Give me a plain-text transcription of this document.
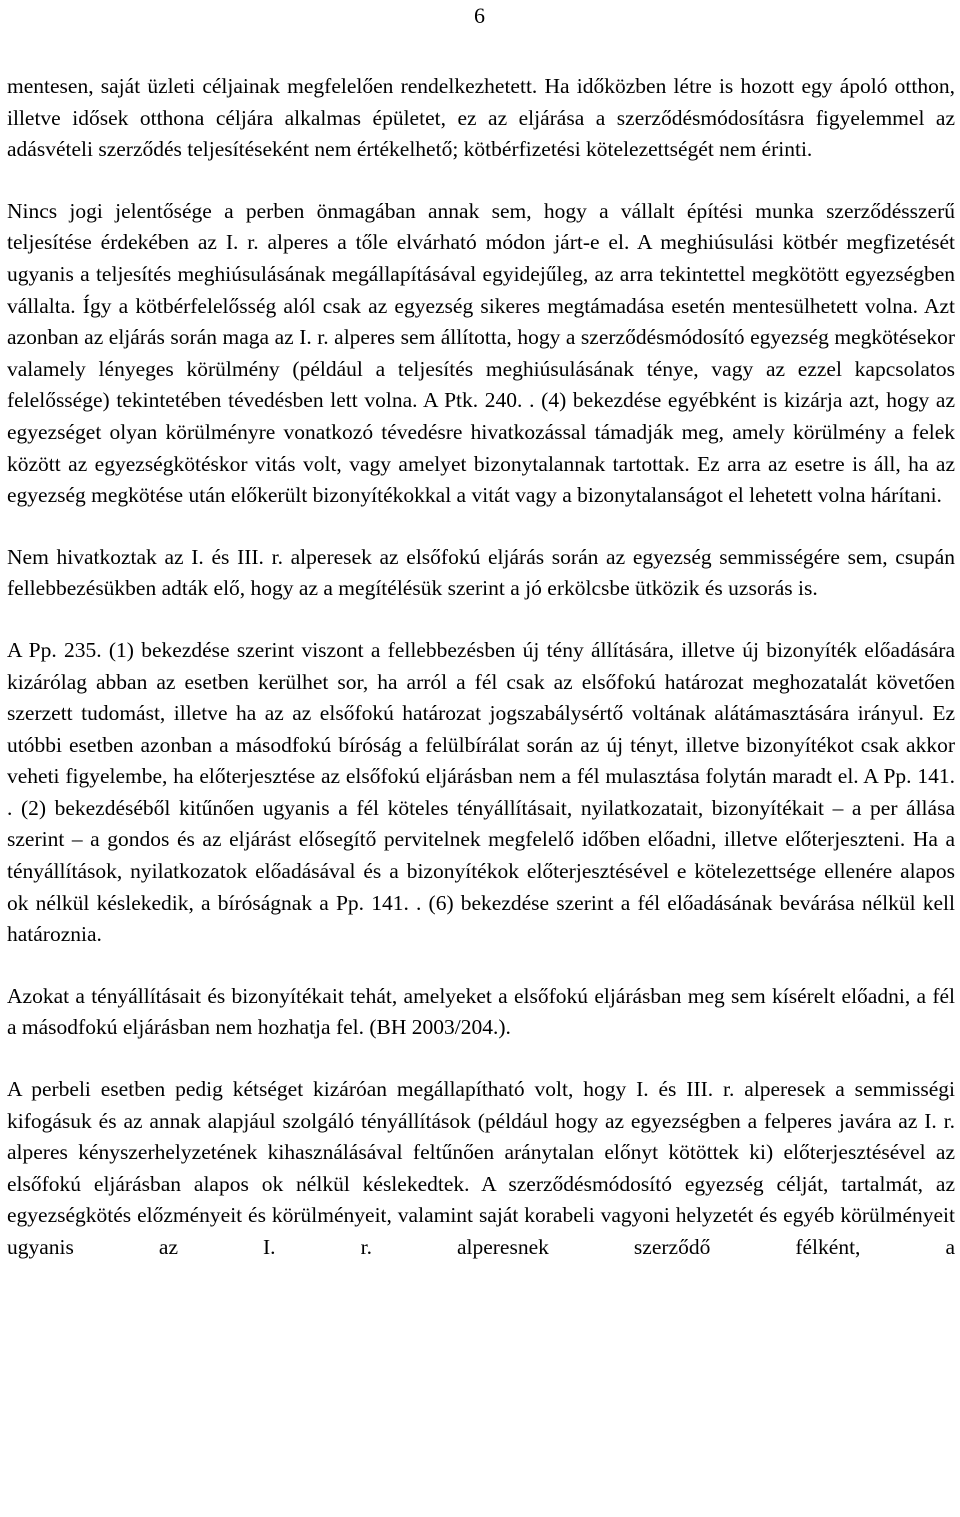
6

mentesen, saját üzleti céljainak megfelelően rendelkezhetett. Ha időközben létre is hozott egy ápoló otthon, illetve idősek otthona céljára alkalmas épületet, ez az eljárása a szerződésmódosításra figyelemmel az adásvételi szerződés teljesítéseként nem értékelhető; kötbérfizetési kötelezettségét nem érinti.

Nincs jogi jelentősége a perben önmagában annak sem, hogy a vállalt építési munka szerződésszerű teljesítése érdekében az I. r. alperes a tőle elvárható módon járt-e el. A meghiúsulási kötbér megfizetését ugyanis a teljesítés meghiúsulásának megállapításával egyidejűleg, az arra tekintettel megkötött egyezségben vállalta. Így a kötbérfelelősség alól csak az egyezség sikeres megtámadása esetén mentesülhetett volna. Azt azonban az eljárás során maga az I. r. alperes sem állította, hogy a szerződésmódosító egyezség megkötésekor valamely lényeges körülmény (például a teljesítés meghiúsulásának ténye, vagy az ezzel kapcsolatos felelőssége) tekintetében tévedésben lett volna. A Ptk. 240. . (4) bekezdése egyébként is kizárja azt, hogy az egyezséget olyan körülményre vonatkozó tévedésre hivatkozással támadják meg, amely körülmény a felek között az egyezségkötéskor vitás volt, vagy amelyet bizonytalannak tartottak. Ez arra az esetre is áll, ha az egyezség megkötése után előkerült bizonyítékokkal a vitát vagy a bizonytalanságot el lehetett volna hárítani.

Nem hivatkoztak az I. és III. r. alperesek az elsőfokú eljárás során az egyezség semmisségére sem, csupán fellebbezésükben adták elő, hogy az a megítélésük szerint a jó erkölcsbe ütközik és uzsorás is.

A Pp. 235. (1) bekezdése szerint viszont a fellebbezésben új tény állítására, illetve új bizonyíték előadására kizárólag abban az esetben kerülhet sor, ha arról a fél csak az elsőfokú határozat meghozatalát követően szerzett tudomást, illetve ha az az elsőfokú határozat jogszabálysértő voltának alátámasztására irányul. Ez utóbbi esetben azonban a másodfokú bíróság a felülbírálat során az új tényt, illetve bizonyítékot csak akkor veheti figyelembe, ha előterjesztése az elsőfokú eljárásban nem a fél mulasztása folytán maradt el. A Pp. 141. . (2) bekezdéséből kitűnően ugyanis a fél köteles tényállításait, nyilatkozatait, bizonyítékait – a per állása szerint – a gondos és az eljárást elősegítő pervitelnek megfelelő időben előadni, illetve előterjeszteni. Ha a tényállítások, nyilatkozatok előadásával és a bizonyítékok előterjesztésével e kötelezettsége ellenére alapos ok nélkül késlekedik, a bíróságnak a Pp. 141. . (6) bekezdése szerint a fél előadásának bevárása nélkül kell határoznia.

Azokat a tényállításait és bizonyítékait tehát, amelyeket a elsőfokú eljárásban meg sem kísérelt előadni, a fél a másodfokú eljárásban nem hozhatja fel. (BH 2003/204.).

A perbeli esetben pedig kétséget kizáróan megállapítható volt, hogy I. és III. r. alperesek a semmisségi kifogásuk és az annak alapjául szolgáló tényállítások (például hogy az egyezségben a felperes javára az I. r. alperes kényszerhelyzetének kihasználásával feltűnően aránytalan előnyt kötöttek ki) előterjesztésével az elsőfokú eljárásban alapos ok nélkül késlekedtek. A szerződésmódosító egyezség célját, tartalmát, az egyezségkötés előzményeit és körülményeit, valamint saját korabeli vagyoni helyzetét és egyéb körülményeit ugyanis az I. r. alperesnek szerződő félként, a
